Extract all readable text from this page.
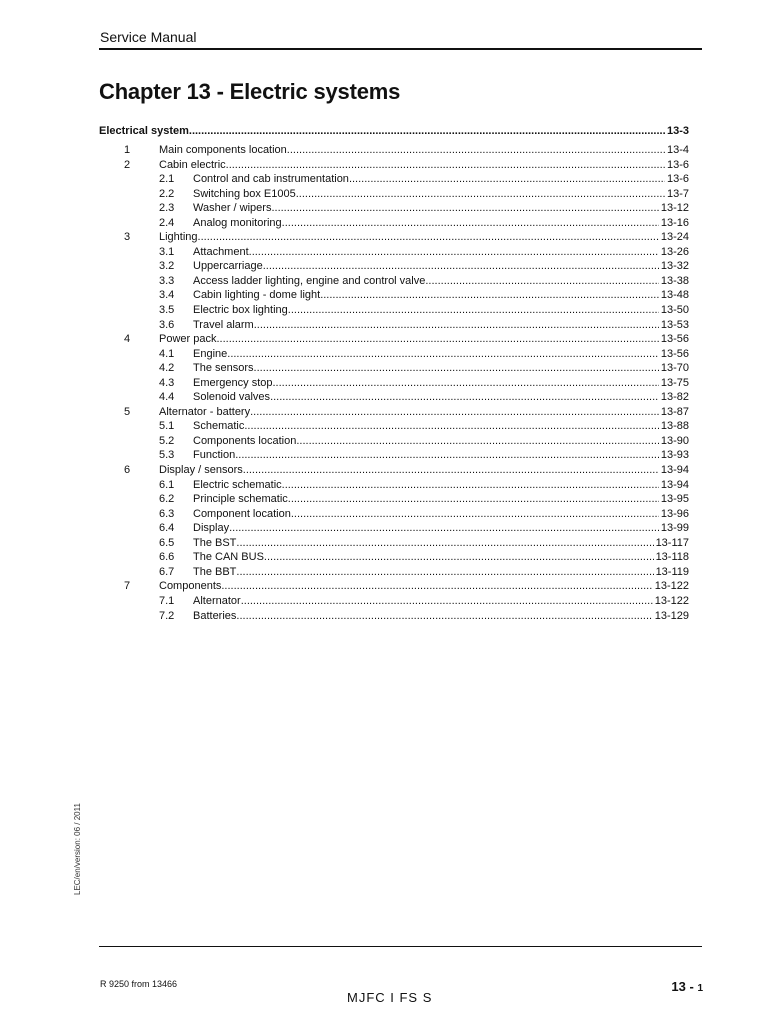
Service Manual
Chapter 13 - Electric systems
Electrical system .....	13-3
1	Main components location .....	13-4
2	Cabin electric .....	13-6
2.1	Control and cab instrumentation .....	13-6
2.2	Switching box E1005 .....	13-7
2.3	Washer / wipers .....	13-12
2.4	Analog monitoring .....	13-16
3	Lighting .....	13-24
3.1	Attachment .....	13-26
3.2	Uppercarriage .....	13-32
3.3	Access ladder lighting, engine and control valve .....	13-38
3.4	Cabin lighting - dome light .....	13-48
3.5	Electric box lighting .....	13-50
3.6	Travel alarm .....	13-53
4	Power pack .....	13-56
4.1	Engine .....	13-56
4.2	The sensors .....	13-70
4.3	Emergency stop .....	13-75
4.4	Solenoid valves .....	13-82
5	Alternator - battery .....	13-87
5.1	Schematic .....	13-88
5.2	Components location .....	13-90
5.3	Function .....	13-93
6	Display / sensors .....	13-94
6.1	Electric schematic .....	13-94
6.2	Principle schematic .....	13-95
6.3	Component location .....	13-96
6.4	Display .....	13-99
6.5	The BST .....	13-117
6.6	The CAN BUS .....	13-118
6.7	The BBT .....	13-119
7	Components .....	13-122
7.1	Alternator .....	13-122
7.2	Batteries .....	13-129
LEC/en/version: 06 / 2011
R 9250 from 13466
MJFC I FS S
13 - 1
